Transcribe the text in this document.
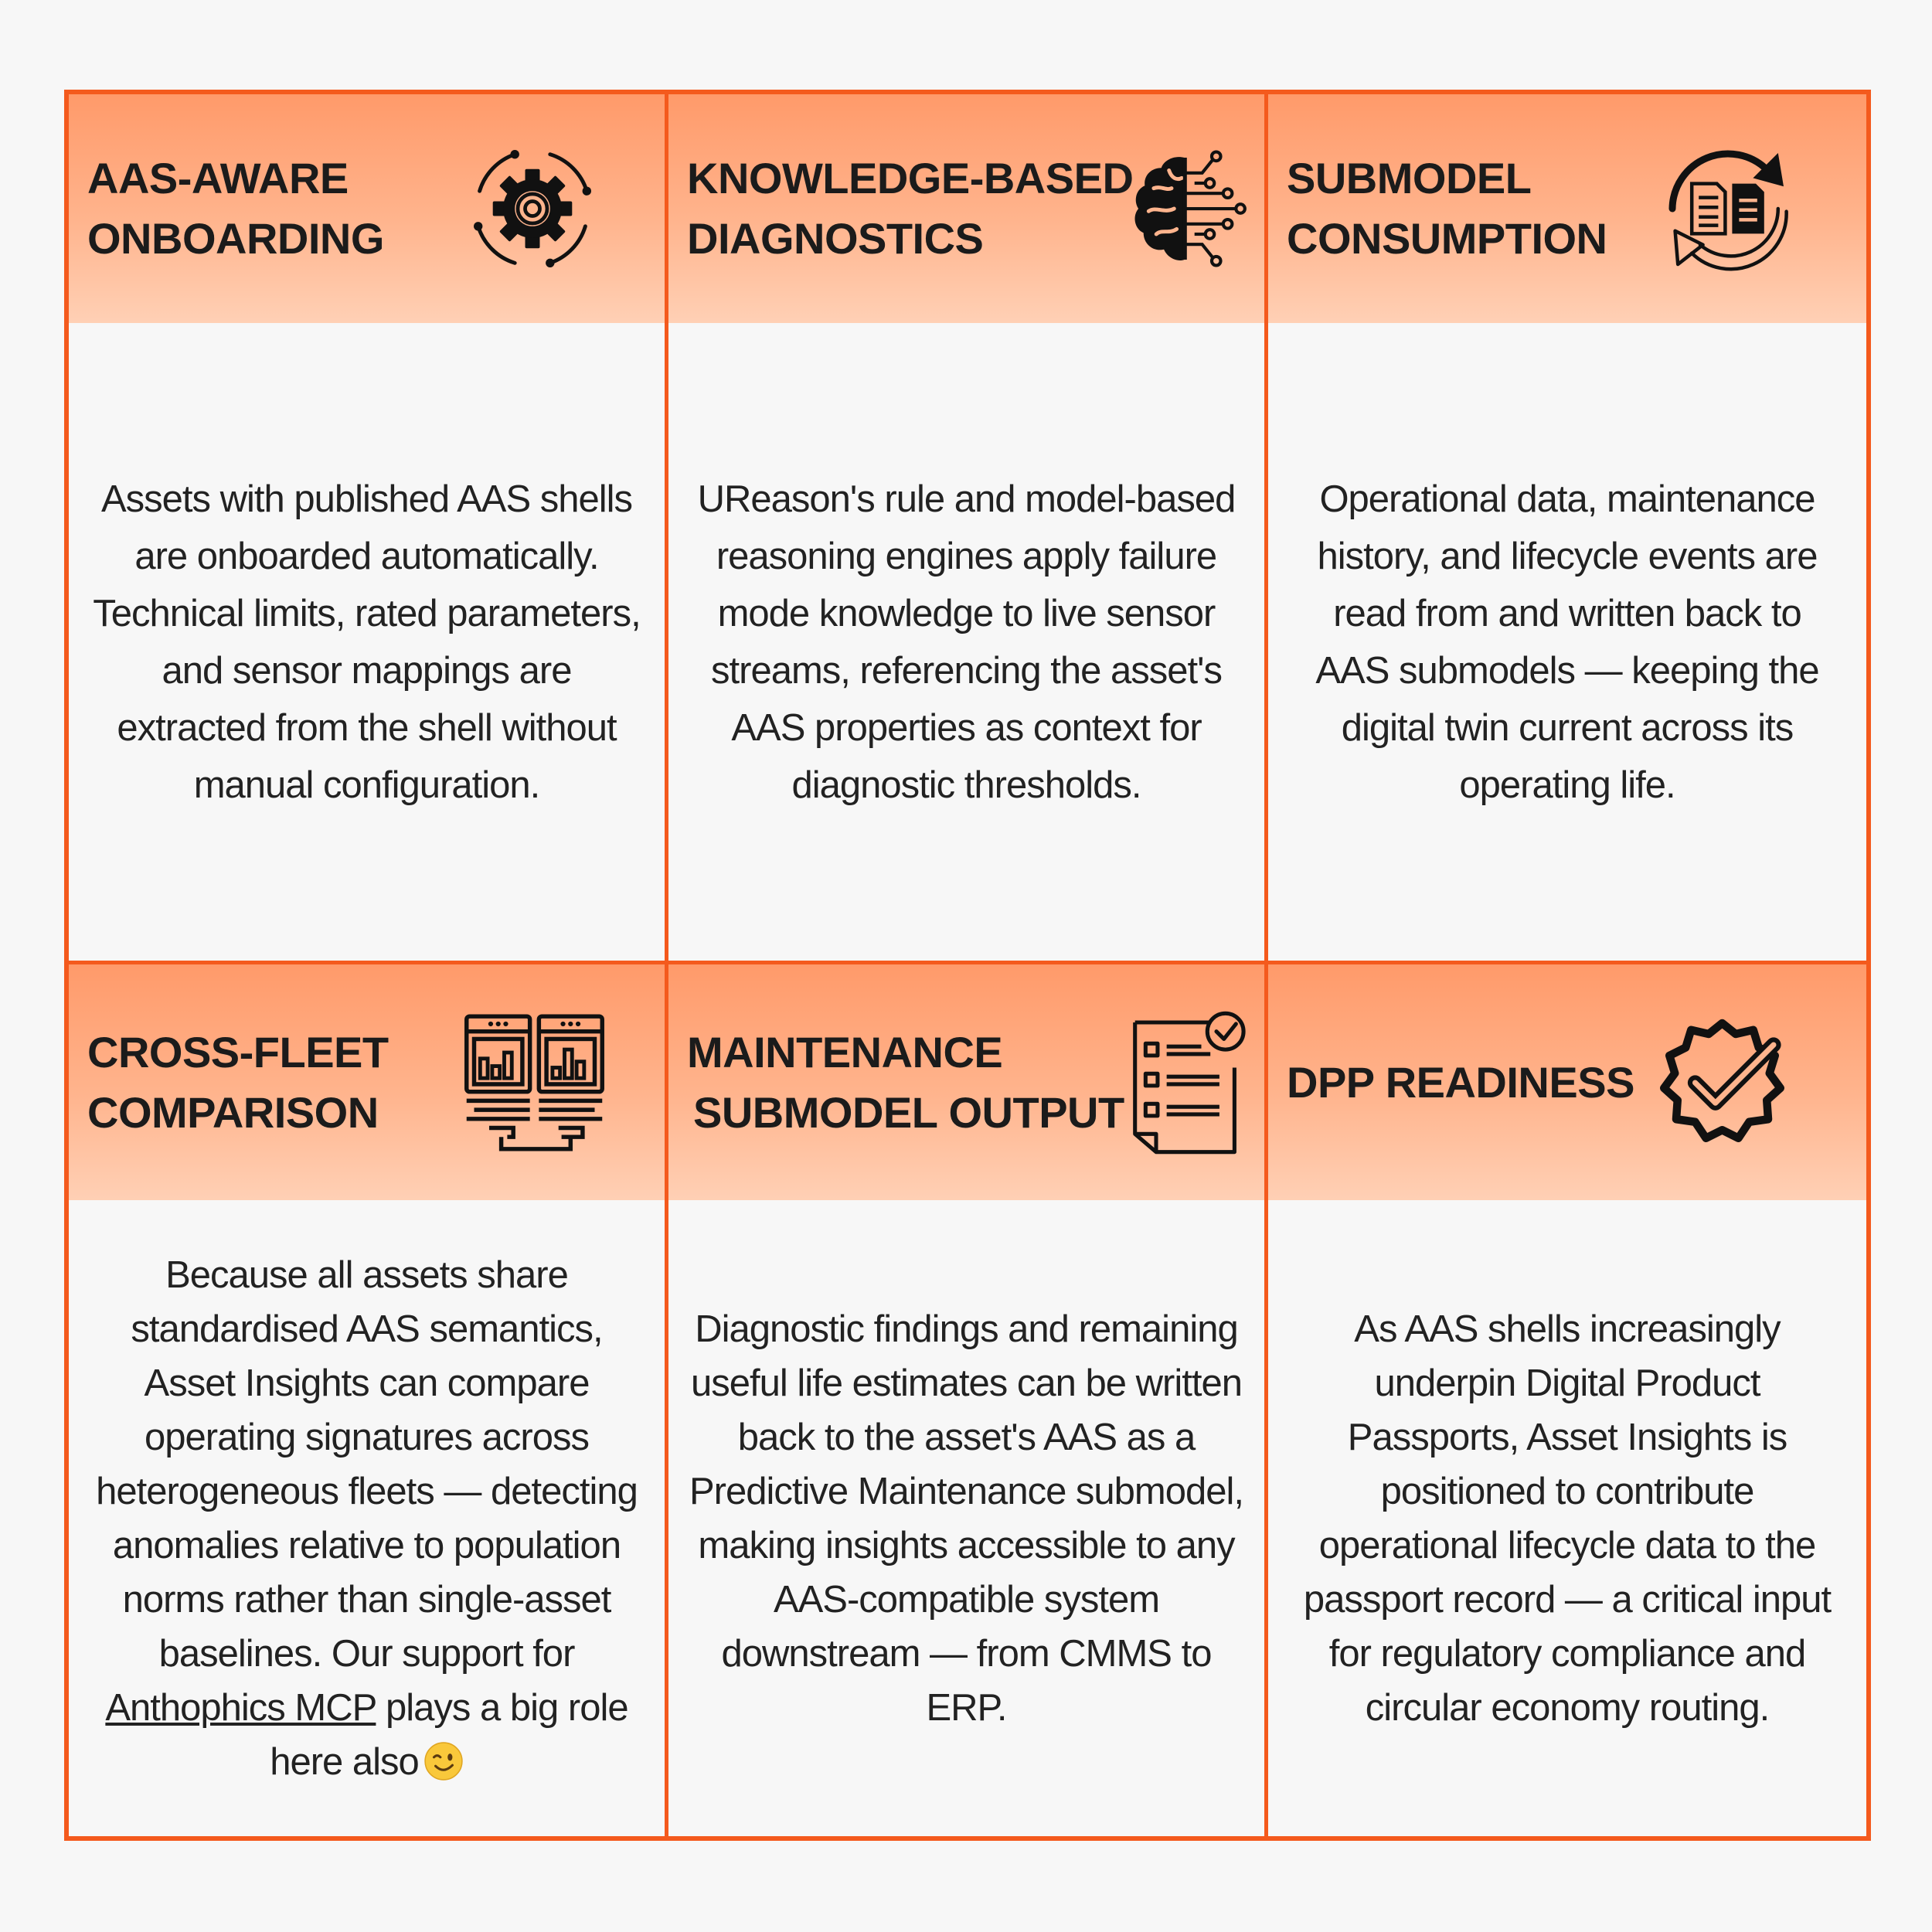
AAS-AWARE
ONBOARDING
Assets with published AAS shells are onboarded automatically. Technical limits, rated parameters, and sensor mappings are extracted from the shell without manual configuration.
KNOWLEDGE-BASED
DIAGNOSTICS
UReason's rule and model-based reasoning engines apply failure mode knowledge to live sensor streams, referencing the asset's AAS properties as context for diagnostic thresholds.
SUBMODEL
CONSUMPTION
Operational data, maintenance history, and lifecycle events are read from and written back to AAS submodels — keeping the digital twin current across its operating life.
CROSS-FLEET
COMPARISON
Because all assets share standardised AAS semantics, Asset Insights can compare operating signatures across heterogeneous fleets — detecting anomalies relative to population norms rather than single-asset baselines. Our support for Anthophics MCP plays a big role here also
MAINTENANCE
SUBMODEL OUTPUT
Diagnostic findings and remaining useful life estimates can be written back to the asset's AAS as a Predictive Maintenance submodel, making insights accessible to any AAS-compatible system downstream — from CMMS to ERP.
DPP READINESS
As AAS shells increasingly underpin Digital Product Passports, Asset Insights is positioned to contribute operational lifecycle data to the passport record — a critical input for regulatory compliance and circular economy routing.
